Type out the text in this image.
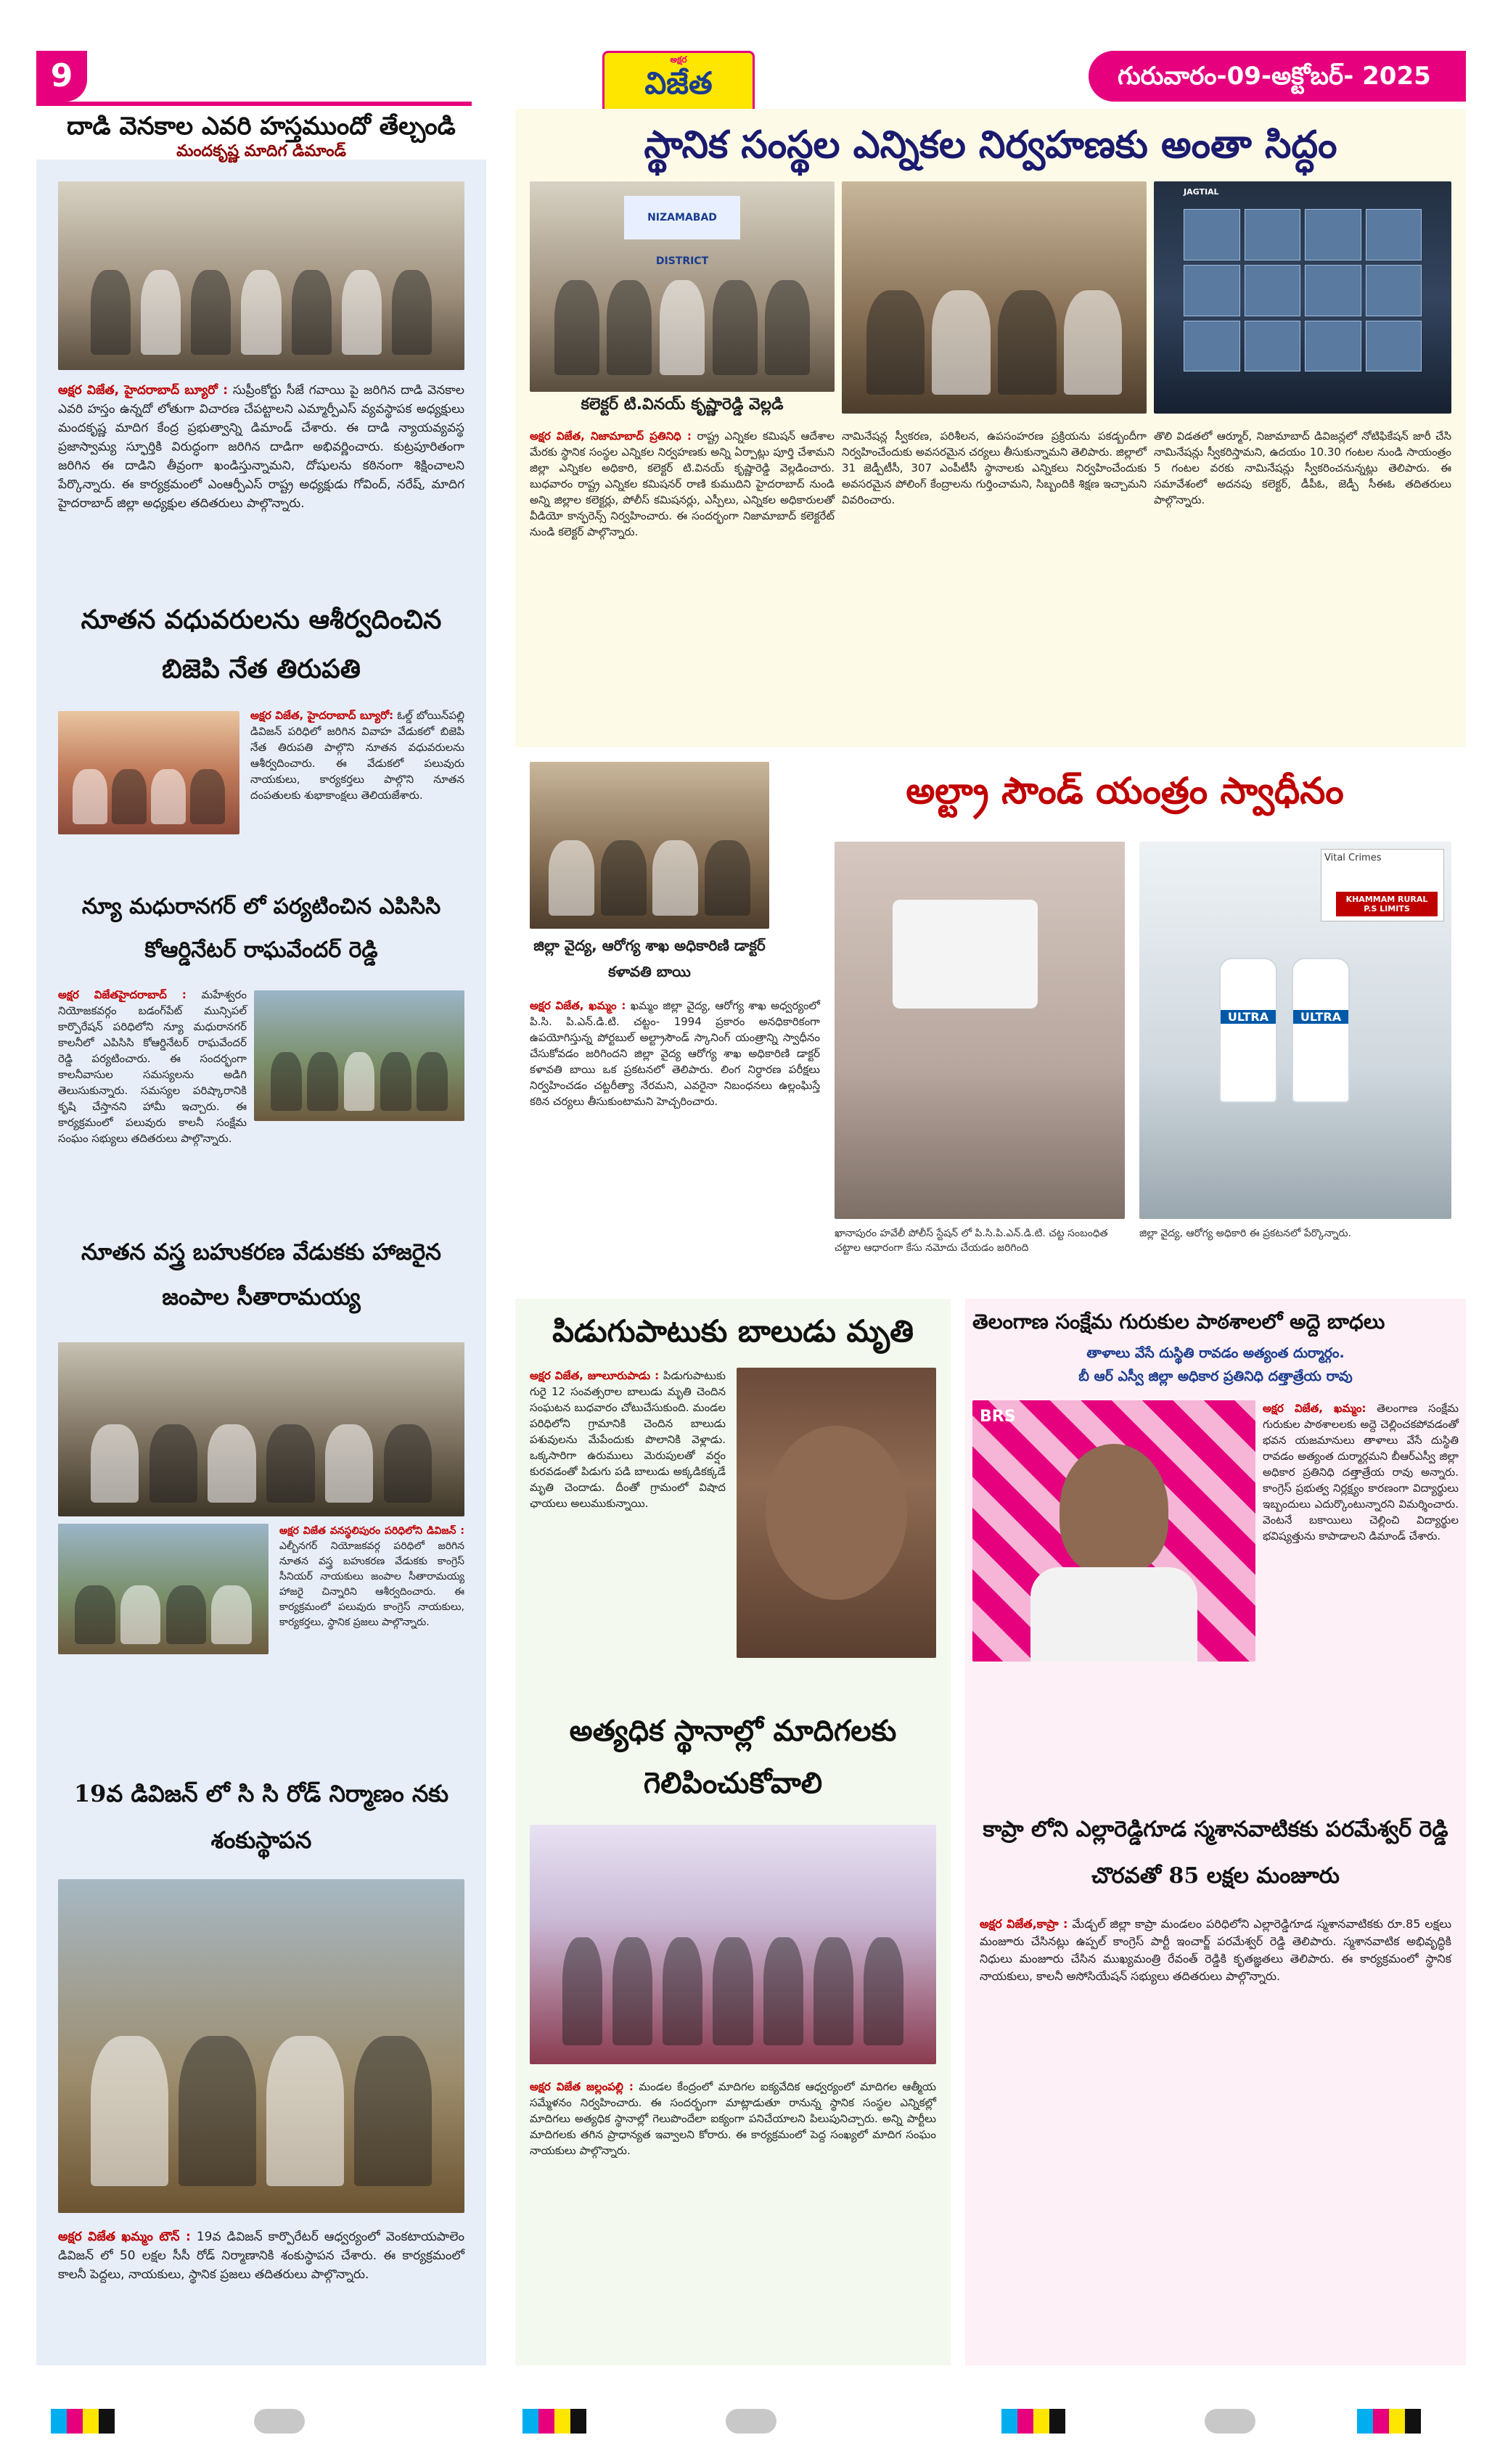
9	అక్షర
విజేత	గురువారం-09-అక్టోబర్- 2025
దాడి వెనకాల ఎవరి హస్తముందో తేల్చండి
మందకృష్ణ మాదిగ డిమాండ్

అక్షర విజేత, హైదరాబాద్ బ్యూరో : సుప్రీంకోర్టు సీజే గవాయి పై జరిగిన దాడి వెనకాల ఎవరి హస్తం ఉన్నదో లోతుగా విచారణ చేపట్టాలని ఎమ్మార్పీఎస్ వ్యవస్థాపక అధ్యక్షులు మందకృష్ణ మాదిగ కేంద్ర ప్రభుత్వాన్ని డిమాండ్ చేశారు. ఈ దాడి న్యాయవ్యవస్థ ప్రజాస్వామ్య స్ఫూర్తికి విరుద్ధంగా జరిగిన దాడిగా అభివర్ణించారు. కుట్రపూరితంగా జరిగిన ఈ దాడిని తీవ్రంగా ఖండిస్తున్నామని, దోషులను కఠినంగా శిక్షించాలని పేర్కొన్నారు. ఈ కార్యక్రమంలో ఎంఆర్పీఎస్ రాష్ట్ర అధ్యక్షుడు గోవింద్, నరేష్, మాదిగ హైదరాబాద్ జిల్లా అధ్యక్షుల తదితరులు పాల్గొన్నారు.

నూతన వధువరులను ఆశీర్వదించిన బిజెపి నేత తిరుపతి

అక్షర విజేత, హైదరాబాద్ బ్యూరో: ఓల్డ్ బోయిన్‌పల్లి డివిజన్ పరిధిలో జరిగిన వివాహ వేడుకలో బిజెపి నేత తిరుపతి పాల్గొని నూతన వధువరులను ఆశీర్వదించారు. ఈ వేడుకలో పలువురు నాయకులు, కార్యకర్తలు పాల్గొని నూతన దంపతులకు శుభాకాంక్షలు తెలియజేశారు.

న్యూ మధురానగర్ లో పర్యటించిన ఎపిసిసి కోఆర్డినేటర్ రాఘవేందర్ రెడ్డి

అక్షర విజేతహైదరాబాద్ : మహేశ్వరం నియోజకవర్గం బడంగ్‌పేట్ మున్సిపల్ కార్పొరేషన్ పరిధిలోని న్యూ మధురానగర్ కాలనీలో ఎపిసిసి కోఆర్డినేటర్ రాఘవేందర్ రెడ్డి పర్యటించారు. ఈ సందర్భంగా కాలనీవాసుల సమస్యలను అడిగి తెలుసుకున్నారు. సమస్యల పరిష్కారానికి కృషి చేస్తానని హామీ ఇచ్చారు. ఈ కార్యక్రమంలో పలువురు కాలనీ సంక్షేమ సంఘం సభ్యులు తదితరులు పాల్గొన్నారు.

నూతన వస్త్ర బహుకరణ వేడుకకు హాజరైన జంపాల సీతారామయ్య

అక్షర విజేత వనస్థలిపురం పరిధిలోని డివిజన్ : ఎల్బీనగర్ నియోజకవర్గ పరిధిలో జరిగిన నూతన వస్త్ర బహుకరణ వేడుకకు కాంగ్రెస్ సీనియర్ నాయకులు జంపాల సీతారామయ్య హాజరై చిన్నారిని ఆశీర్వదించారు. ఈ కార్యక్రమంలో పలువురు కాంగ్రెస్ నాయకులు, కార్యకర్తలు, స్థానిక ప్రజలు పాల్గొన్నారు.

19వ డివిజన్ లో సి సి రోడ్ నిర్మాణం నకు శంకుస్థాపన

అక్షర విజేత ఖమ్మం టౌన్ : 19వ డివిజన్ కార్పొరేటర్ ఆధ్వర్యంలో వెంకటాయపాలెం డివిజన్ లో 50 లక్షల సీసీ రోడ్ నిర్మాణానికి శంకుస్థాపన చేశారు. ఈ కార్యక్రమంలో కాలనీ పెద్దలు, నాయకులు, స్థానిక ప్రజలు తదితరులు పాల్గొన్నారు.

స్థానిక సంస్థల ఎన్నికల నిర్వహణకు అంతా సిద్ధం
NIZAMABAD DISTRICT
కలెక్టర్ టి.వినయ్ కృష్ణారెడ్డి వెల్లడి
JAGTIAL

అక్షర విజేత, నిజామాబాద్ ప్రతినిధి : రాష్ట్ర ఎన్నికల కమిషన్ ఆదేశాల మేరకు స్థానిక సంస్థల ఎన్నికల నిర్వహణకు అన్ని ఏర్పాట్లు పూర్తి చేశామని జిల్లా ఎన్నికల అధికారి, కలెక్టర్ టి.వినయ్ కృష్ణారెడ్డి వెల్లడించారు. బుధవారం రాష్ట్ర ఎన్నికల కమిషనర్ రాణి కుముదిని హైదరాబాద్ నుండి అన్ని జిల్లాల కలెక్టర్లు, పోలీస్ కమిషనర్లు, ఎస్పీలు, ఎన్నికల అధికారులతో వీడియో కాన్ఫరెన్స్ నిర్వహించారు. ఈ సందర్భంగా నిజామాబాద్ కలెక్టరేట్ నుండి కలెక్టర్ పాల్గొన్నారు.

నామినేషన్ల స్వీకరణ, పరిశీలన, ఉపసంహరణ ప్రక్రియను పకడ్బందీగా నిర్వహించేందుకు అవసరమైన చర్యలు తీసుకున్నామని తెలిపారు. జిల్లాలో 31 జెడ్పీటీసీ, 307 ఎంపీటీసీ స్థానాలకు ఎన్నికలు నిర్వహించేందుకు అవసరమైన పోలింగ్ కేంద్రాలను గుర్తించామని, సిబ్బందికి శిక్షణ ఇచ్చామని వివరించారు.

తొలి విడతలో ఆర్మూర్, నిజామాబాద్ డివిజన్లలో నోటిఫికేషన్ జారీ చేసి నామినేషన్లు స్వీకరిస్తామని, ఉదయం 10.30 గంటల నుండి సాయంత్రం 5 గంటల వరకు నామినేషన్లు స్వీకరించనున్నట్లు తెలిపారు. ఈ సమావేశంలో అదనపు కలెక్టర్, డీపీఓ, జెడ్పీ సీఈఓ తదితరులు పాల్గొన్నారు.

జిల్లా వైద్య, ఆరోగ్య శాఖ అధికారిణి డాక్టర్ కళావతి బాయి
అల్ట్రా సౌండ్ యంత్రం స్వాధీనం
Vital Crimes
KHAMMAM RURAL P.S LIMITS
ULTRA	ULTRA

అక్షర విజేత, ఖమ్మం : ఖమ్మం జిల్లా వైద్య, ఆరోగ్య శాఖ అధ్వర్యంలో పి.సి. పి.ఎన్.డి.టి. చట్టం- 1994 ప్రకారం అనధికారికంగా ఉపయోగిస్తున్న పోర్టబుల్ అల్ట్రాసౌండ్ స్కానింగ్ యంత్రాన్ని స్వాధీనం చేసుకోవడం జరిగిందని జిల్లా వైద్య ఆరోగ్య శాఖ అధికారిణి డాక్టర్ కళావతి బాయి ఒక ప్రకటనలో తెలిపారు. లింగ నిర్ధారణ పరీక్షలు నిర్వహించడం చట్టరీత్యా నేరమని, ఎవరైనా నిబంధనలు ఉల్లంఘిస్తే కఠిన చర్యలు తీసుకుంటామని హెచ్చరించారు.

ఖానాపురం హవేలీ పోలీస్ స్టేషన్ లో పి.సి.పి.ఎన్.డి.టి. చట్ట సంబంధిత చట్టాల ఆధారంగా కేసు నమోదు చేయడం జరిగింది
జిల్లా వైద్య, ఆరోగ్య అధికారి ఈ ప్రకటనలో పేర్కొన్నారు.
పిడుగుపాటుకు బాలుడు మృతి

అక్షర విజేత, జూలూరుపాడు : పిడుగుపాటుకు గురై 12 సంవత్సరాల బాలుడు మృతి చెందిన సంఘటన బుధవారం చోటుచేసుకుంది. మండల పరిధిలోని గ్రామానికి చెందిన బాలుడు పశువులను మేపేందుకు పొలానికి వెళ్లాడు. ఒక్కసారిగా ఉరుములు మెరుపులతో వర్షం కురవడంతో పిడుగు పడి బాలుడు అక్కడికక్కడే మృతి చెందాడు. దీంతో గ్రామంలో విషాద ఛాయలు అలుముకున్నాయి.

అత్యధిక స్థానాల్లో మాదిగలకు గెలిపించుకోవాలి

అక్షర విజేత జల్లంపల్లి : మండల కేంద్రంలో మాదిగల ఐక్యవేదిక ఆధ్వర్యంలో మాదిగల ఆత్మీయ సమ్మేళనం నిర్వహించారు. ఈ సందర్భంగా మాట్లాడుతూ రానున్న స్థానిక సంస్థల ఎన్నికల్లో మాదిగలు అత్యధిక స్థానాల్లో గెలుపొందేలా ఐక్యంగా పనిచేయాలని పిలుపునిచ్చారు. అన్ని పార్టీలు మాదిగలకు తగిన ప్రాధాన్యత ఇవ్వాలని కోరారు. ఈ కార్యక్రమంలో పెద్ద సంఖ్యలో మాదిగ సంఘం నాయకులు పాల్గొన్నారు.

తెలంగాణ సంక్షేమ గురుకుల పాఠశాలలో అద్దె బాధలు
తాళాలు వేసే దుస్థితి రావడం అత్యంత దుర్మార్గం.
బీ ఆర్ ఎస్వీ జిల్లా అధికార ప్రతినిధి దత్తాత్రేయ రావు
BRS	అక్షర విజేత, ఖమ్మం: తెలంగాణ సంక్షేమ గురుకుల పాఠశాలలకు అద్దె చెల్లించకపోవడంతో భవన యజమానులు తాళాలు వేసే దుస్థితి రావడం అత్యంత దుర్మార్గమని బీఆర్ఎస్వీ జిల్లా అధికార ప్రతినిధి దత్తాత్రేయ రావు అన్నారు. కాంగ్రెస్ ప్రభుత్వ నిర్లక్ష్యం కారణంగా విద్యార్థులు ఇబ్బందులు ఎదుర్కొంటున్నారని విమర్శించారు. వెంటనే బకాయిలు చెల్లించి విద్యార్థుల భవిష్యత్తును కాపాడాలని డిమాండ్ చేశారు.

కాప్రా లోని ఎల్లారెడ్డిగూడ స్మశానవాటికకు పరమేశ్వర్ రెడ్డి చొరవతో 85 లక్షల మంజూరు

అక్షర విజేత,కాప్రా : మేడ్చల్ జిల్లా కాప్రా మండలం పరిధిలోని ఎల్లారెడ్డిగూడ స్మశానవాటికకు రూ.85 లక్షలు మంజూరు చేసినట్లు ఉప్పల్ కాంగ్రెస్ పార్టీ ఇంచార్జ్ పరమేశ్వర్ రెడ్డి తెలిపారు. స్మశానవాటిక అభివృద్ధికి నిధులు మంజూరు చేసిన ముఖ్యమంత్రి రేవంత్ రెడ్డికి కృతజ్ఞతలు తెలిపారు. ఈ కార్యక్రమంలో స్థానిక నాయకులు, కాలనీ అసోసియేషన్ సభ్యులు తదితరులు పాల్గొన్నారు.
